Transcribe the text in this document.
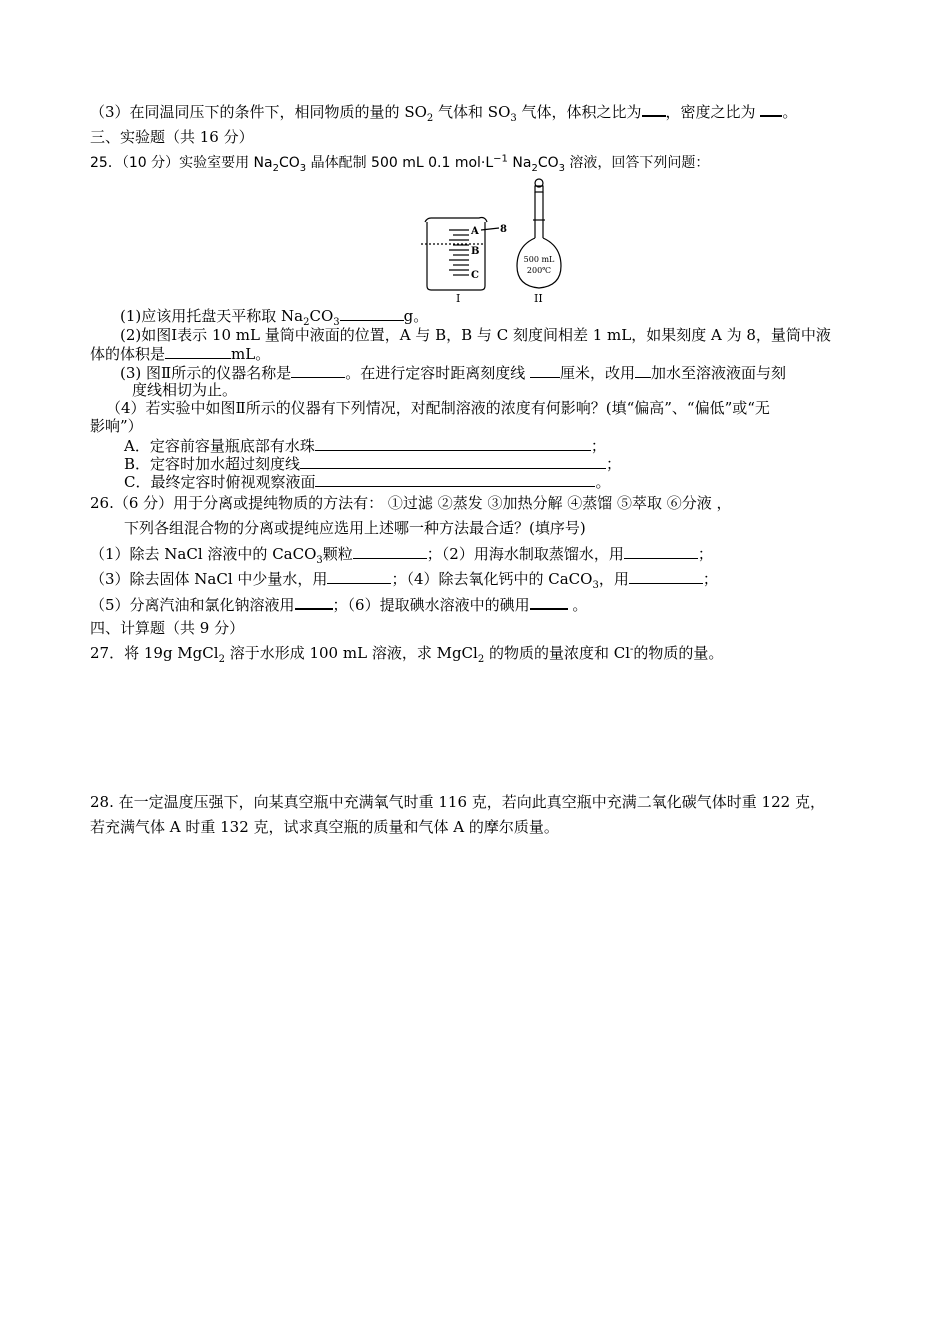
（3）在同温同压下的条件下，相同物质的量的 $SO_2$ 气体和 $SO_3$ 气体，体积之比为 ，密度之比为 。
三、实验题（共 16 分）
25．（10 分）实验室要用 $Na_2CO_3$ 晶体配制 500 mL 0.1 $mol\cdot L^{-1}$ $Na_2CO_3$ 溶液，回答下列问题：
A
B
C
8
I
500 mL
200℃
II
(1)应该用托盘天平称取 $Na_2CO_3$	g。
(2)如图Ⅰ表示 10 mL 量筒中液面的位置，A 与 B，B 与 C 刻度间相差 1 mL，如果刻度 A 为 8，量筒中液
体的体积是	mL。
(3) 图Ⅱ所示的仪器名称是	。在进行定容时距离刻度线 厘米，改用 加水至溶液液面与刻
度线相切为止。
（4）若实验中如图Ⅱ所示的仪器有下列情况，对配制溶液的浓度有何影响？(填“偏高”、“偏低”或“无
影响”）
A．定容前容量瓶底部有水珠	；
B．定容时加水超过刻度线	；
C．最终定容时俯视观察液面	。
26.（6 分）用于分离或提纯物质的方法有： ①过滤 ②蒸发 ③加热分解 ④蒸馏 ⑤萃取 ⑥分液 ，
下列各组混合物的分离或提纯应选用上述哪一种方法最合适？(填序号)
（1）除去 NaCl 溶液中的 CaCO$_3$颗粒	；（2）用海水制取蒸馏水，用	；
（3）除去固体 NaCl 中少量水，用	；（4）除去氧化钙中的 CaCO$_3$，用	；
（5）分离汽油和氯化钠溶液用	；（6）提取碘水溶液中的碘用	。
四、计算题（共 9 分）
27．将 19g MgCl$_2$ 溶于水形成 100 mL 溶液，求 MgCl$_2$ 的物质的量浓度和 Cl-的物质的量。
28. 在一定温度压强下，向某真空瓶中充满氧气时重 116 克，若向此真空瓶中充满二氧化碳气体时重 122 克，
若充满气体 A 时重 132 克，试求真空瓶的质量和气体 A 的摩尔质量。
